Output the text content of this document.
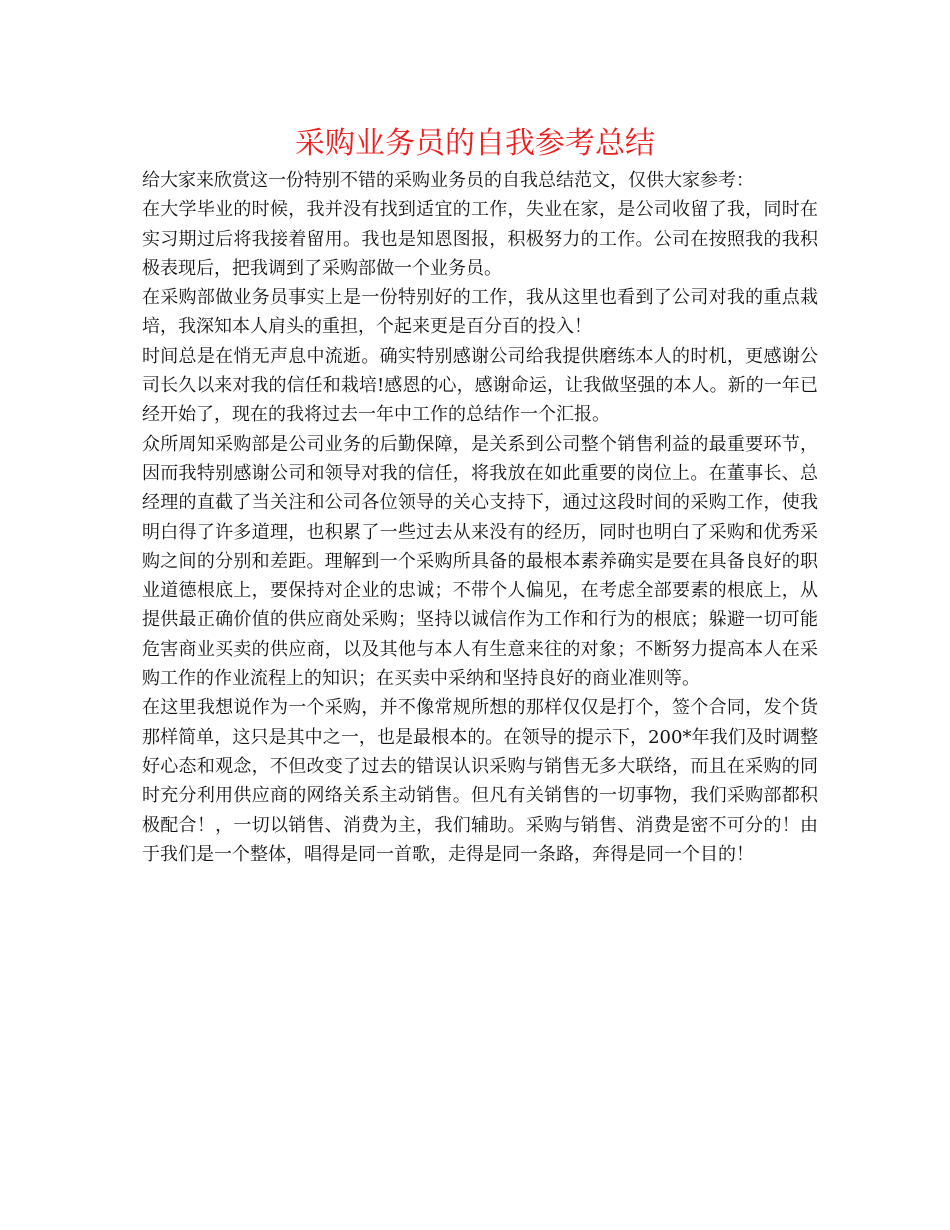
采购业务员的自我参考总结

给大家来欣赏这一份特别不错的采购业务员的自我总结范文，仅供大家参考：

在大学毕业的时候，我并没有找到适宜的工作，失业在家，是公司收留了我，同时在实习期过后将我接着留用。我也是知恩图报，积极努力的工作。公司在按照我的我积极表现后，把我调到了采购部做一个业务员。

在采购部做业务员事实上是一份特别好的工作，我从这里也看到了公司对我的重点栽培，我深知本人肩头的重担，个起来更是百分百的投入！

时间总是在悄无声息中流逝。确实特别感谢公司给我提供磨练本人的时机，更感谢公司长久以来对我的信任和栽培!感恩的心，感谢命运，让我做坚强的本人。新的一年已经开始了，现在的我将过去一年中工作的总结作一个汇报。

众所周知采购部是公司业务的后勤保障，是关系到公司整个销售利益的最重要环节，因而我特别感谢公司和领导对我的信任，将我放在如此重要的岗位上。在董事长、总经理的直截了当关注和公司各位领导的关心支持下，通过这段时间的采购工作，使我明白得了许多道理，也积累了一些过去从来没有的经历，同时也明白了采购和优秀采购之间的分别和差距。理解到一个采购所具备的最根本素养确实是要在具备良好的职业道德根底上，要保持对企业的忠诚；不带个人偏见，在考虑全部要素的根底上，从提供最正确价值的供应商处采购；坚持以诚信作为工作和行为的根底；躲避一切可能危害商业买卖的供应商，以及其他与本人有生意来往的对象；不断努力提高本人在采购工作的作业流程上的知识；在买卖中采纳和坚持良好的商业准则等。

在这里我想说作为一个采购，并不像常规所想的那样仅仅是打个，签个合同，发个货那样简单，这只是其中之一，也是最根本的。在领导的提示下，200*年我们及时调整好心态和观念，不但改变了过去的错误认识采购与销售无多大联络，而且在采购的同时充分利用供应商的网络关系主动销售。但凡有关销售的一切事物，我们采购部都积极配合！，一切以销售、消费为主，我们辅助。采购与销售、消费是密不可分的！由于我们是一个整体，唱得是同一首歌，走得是同一条路，奔得是同一个目的！
